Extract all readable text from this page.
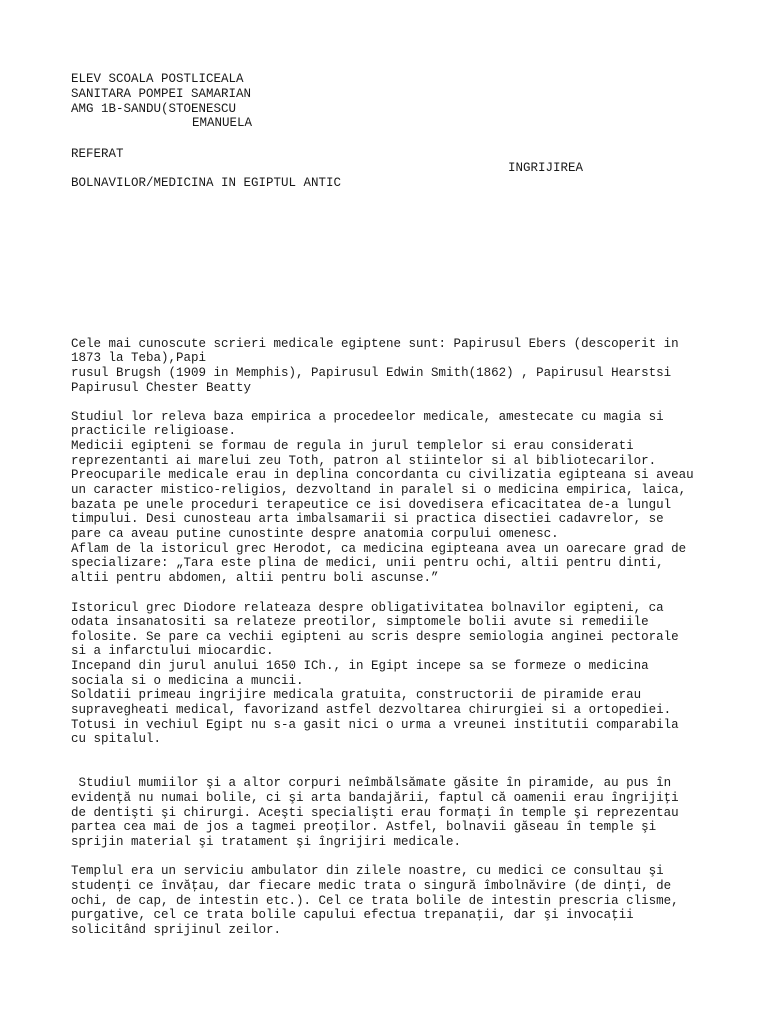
ELEV SCOALA POSTLICEALA
SANITARA POMPEI SAMARIAN
AMG 1B-SANDU(STOENESCU
EMANUELA
REFERAT
INGRIJIREA
BOLNAVILOR/MEDICINA IN EGIPTUL ANTIC
Cele mai cunoscute scrieri medicale egiptene sunt: Papirusul Ebers (descoperit in
1873 la Teba),Papi
rusul Brugsh (1909 in Memphis), Papirusul Edwin Smith(1862) , Papirusul Hearstsi
Papirusul Chester Beatty
Studiul lor releva baza empirica a procedeelor medicale, amestecate cu magia si
practicile religioase.
Medicii egipteni se formau de regula in jurul templelor si erau considerati
reprezentanti ai marelui zeu Toth, patron al stiintelor si al bibliotecarilor.
Preocuparile medicale erau in deplina concordanta cu civilizatia egipteana si aveau
un caracter mistico-religios, dezvoltand in paralel si o medicina empirica, laica,
bazata pe unele proceduri terapeutice ce isi dovedisera eficacitatea de-a lungul
timpului. Desi cunosteau arta imbalsamarii si practica disectiei cadavrelor, se
pare ca aveau putine cunostinte despre anatomia corpului omenesc.
Aflam de la istoricul grec Herodot, ca medicina egipteana avea un oarecare grad de
specializare: „Tara este plina de medici, unii pentru ochi, altii pentru dinti,
altii pentru abdomen, altii pentru boli ascunse.”
Istoricul grec Diodore relateaza despre obligativitatea bolnavilor egipteni, ca
odata insanatositi sa relateze preotilor, simptomele bolii avute si remediile
folosite. Se pare ca vechii egipteni au scris despre semiologia anginei pectorale
si a infarctului miocardic.
Incepand din jurul anului 1650 ICh., in Egipt incepe sa se formeze o medicina
sociala si o medicina a muncii.
Soldatii primeau ingrijire medicala gratuita, constructorii de piramide erau
supravegheati medical, favorizand astfel dezvoltarea chirurgiei si a ortopediei.
Totusi in vechiul Egipt nu s-a gasit nici o urma a vreunei institutii comparabila
cu spitalul.
Studiul mumiilor şi a altor corpuri neîmbălsămate găsite în piramide, au pus în
evidenţă nu numai bolile, ci şi arta bandajării, faptul că oamenii erau îngrijiţi
de dentişti şi chirurgi. Aceşti specialişti erau formaţi în temple şi reprezentau
partea cea mai de jos a tagmei preoţilor. Astfel, bolnavii găseau în temple şi
sprijin material şi tratament şi îngrijiri medicale.
Templul era un serviciu ambulator din zilele noastre, cu medici ce consultau şi
studenţi ce învăţau, dar fiecare medic trata o singură îmbolnăvire (de dinţi, de
ochi, de cap, de intestin etc.). Cel ce trata bolile de intestin prescria clisme,
purgative, cel ce trata bolile capului efectua trepanaţii, dar şi invocaţii
solicitând sprijinul zeilor.
